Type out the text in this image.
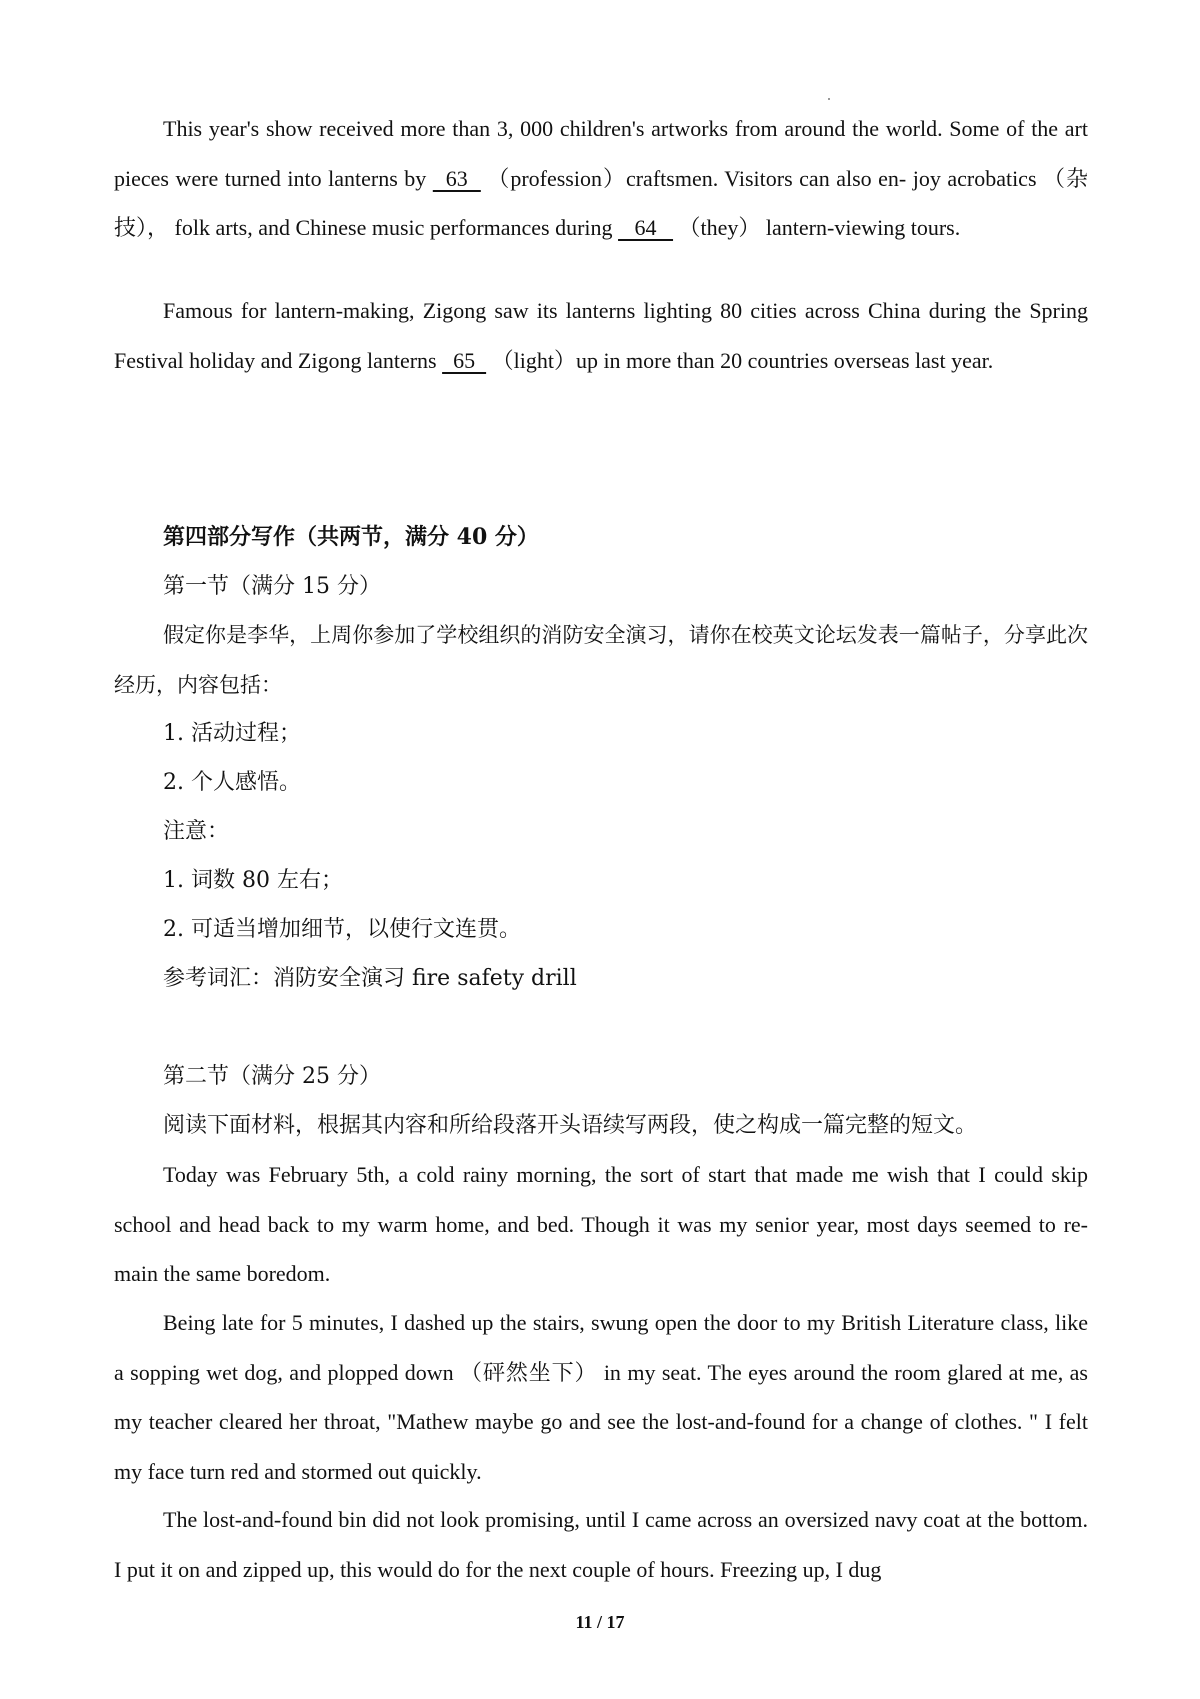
This year's show received more than 3, 000 children's artworks from around the world. Some of the art pieces were turned into lanterns by   63   （profession）craftsmen. Visitors can also en- joy acrobatics （杂技）， folk arts, and Chinese music performances during    64    （they） lantern-viewing tours.
Famous for lantern-making, Zigong saw its lanterns lighting 80 cities across China during the Spring Festival holiday and Zigong lanterns   65   （light）up in more than 20 countries overseas last year.
第四部分写作（共两节，满分 40 分）
第一节（满分 15 分）
假定你是李华，上周你参加了学校组织的消防安全演习，请你在校英文论坛发表一篇帖子，分享此次经历，内容包括：
1. 活动过程；
2. 个人感悟。
注意：
1. 词数 80 左右；
2. 可适当增加细节，以使行文连贯。
参考词汇：消防安全演习 fire safety drill
第二节（满分 25 分）
阅读下面材料，根据其内容和所给段落开头语续写两段，使之构成一篇完整的短文。
Today was February 5th, a cold rainy morning, the sort of start that made me wish that I could skip school and head back to my warm home, and bed. Though it was my senior year, most days seemed to re- main the same boredom.
Being late for 5 minutes, I dashed up the stairs, swung open the door to my British Literature class, like a sopping wet dog, and plopped down （砰然坐下） in my seat. The eyes around the room glared at me, as my teacher cleared her throat, "Mathew maybe go and see the lost-and-found for a change of clothes. " I felt my face turn red and stormed out quickly.
The lost-and-found bin did not look promising, until I came across an oversized navy coat at the bottom. I put it on and zipped up, this would do for the next couple of hours. Freezing up, I dug
11 / 17
